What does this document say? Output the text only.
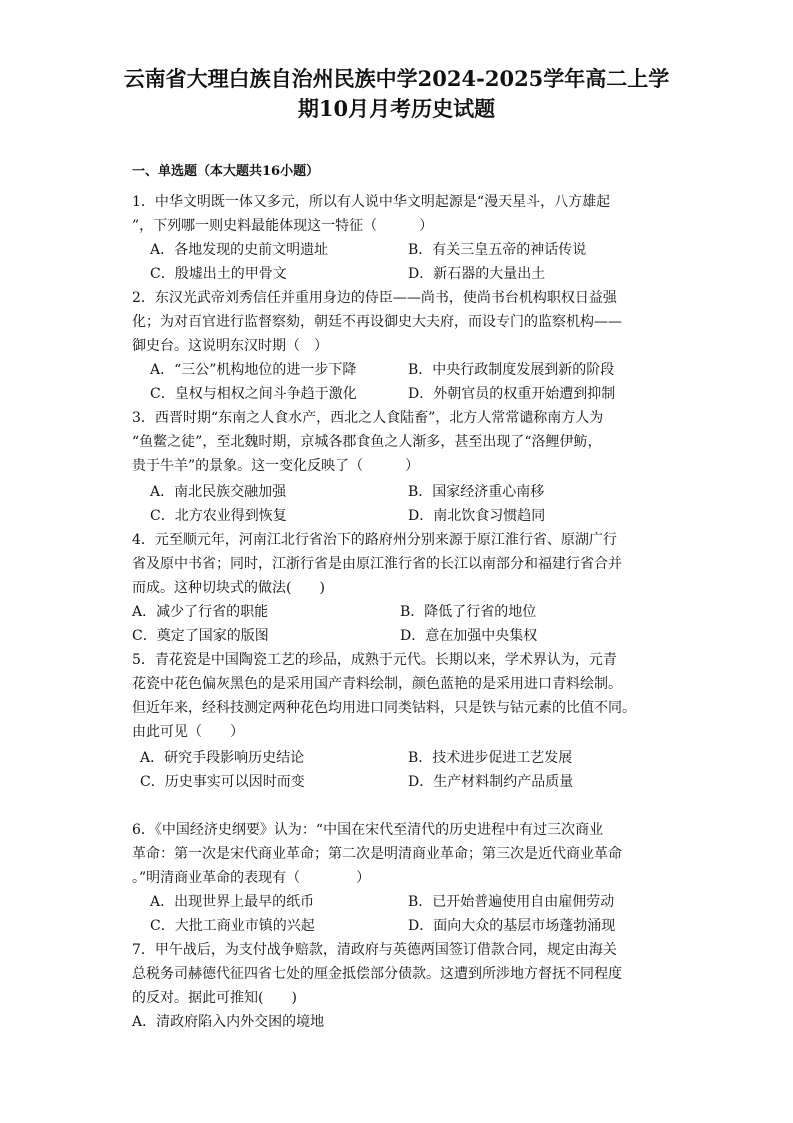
云南省大理白族自治州民族中学2024-2025学年高二上学
期10月月考历史试题
一、单选题（本大题共16小题）
1．中华文明既一体又多元，所以有人说中华文明起源是“漫天星斗，八方雄起
”，下列哪一则史料最能体现这一特征（　　　）
A．各地发现的史前文明遗址	B．有关三皇五帝的神话传说
C．殷墟出土的甲骨文	D．新石器的大量出土
2．东汉光武帝刘秀信任并重用身边的侍臣——尚书，使尚书台机构职权日益强
化；为对百官进行监督察劾，朝廷不再设御史大夫府，而设专门的监察机构——
御史台。这说明东汉时期（　）
A．“三公”机构地位的进一步下降	B．中央行政制度发展到新的阶段
C．皇权与相权之间斗争趋于激化	D．外朝官员的权重开始遭到抑制
3．西晋时期“东南之人食水产，西北之人食陆畜”，北方人常常谴称南方人为
“鱼鳖之徒”，至北魏时期，京城各郡食鱼之人渐多，甚至出现了“洛鲤伊鲂，
贵于牛羊”的景象。这一变化反映了（　　　）
A．南北民族交融加强	B．国家经济重心南移
C．北方农业得到恢复	D．南北饮食习惯趋同
4．元至顺元年，河南江北行省治下的路府州分别来源于原江淮行省、原湖广行
省及原中书省；同时，江浙行省是由原江淮行省的长江以南部分和福建行省合并
而成。这种切块式的做法(　　)
A．减少了行省的职能	B．降低了行省的地位
C．奠定了国家的版图	D．意在加强中央集权
5．青花瓷是中国陶瓷工艺的珍品，成熟于元代。长期以来，学术界认为，元青
花瓷中花色偏灰黑色的是采用国产青料绘制，颜色蓝艳的是采用进口青料绘制。
但近年来，经科技测定两种花色均用进口同类钴料，只是铁与钴元素的比值不同。
由此可见（　　）
A．研究手段影响历史结论	B．技术进步促进工艺发展
C．历史事实可以因时而变	D．生产材料制约产品质量
6．《中国经济史纲要》认为：“中国在宋代至清代的历史进程中有过三次商业
革命：第一次是宋代商业革命；第二次是明清商业革命；第三次是近代商业革命
。”明清商业革命的表现有（　　　　）
A．出现世界上最早的纸币	B．已开始普遍使用自由雇佣劳动
C．大批工商业市镇的兴起	D．面向大众的基层市场蓬勃涌现
7．甲午战后，为支付战争赔款，清政府与英德两国签订借款合同，规定由海关
总税务司赫德代征四省七处的厘金抵偿部分债款。这遭到所涉地方督抚不同程度
的反对。据此可推知(　　)
A．清政府陷入内外交困的境地
